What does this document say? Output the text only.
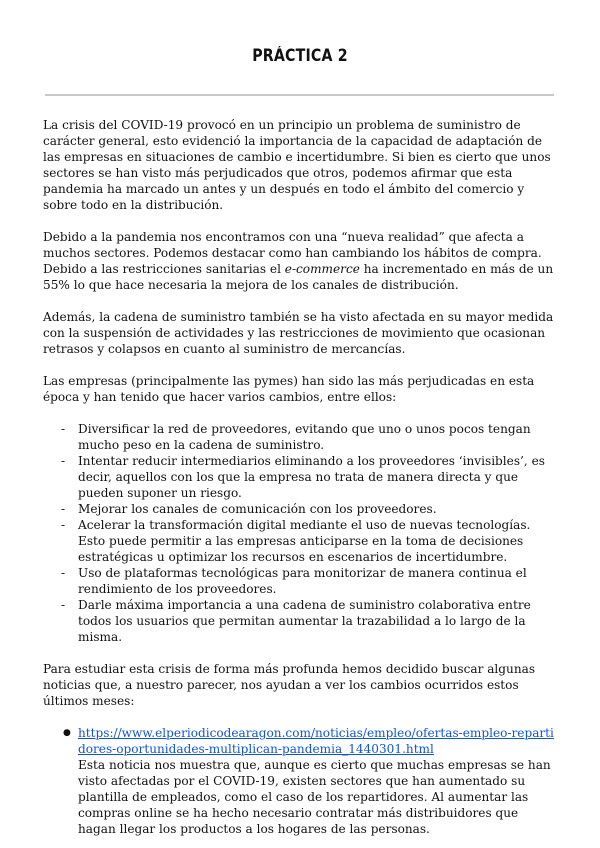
PRÁCTICA 2

La crisis del COVID-19 provocó en un principio un problema de suministro de carácter general, esto evidenció la importancia de la capacidad de adaptación de las empresas en situaciones de cambio e incertidumbre. Si bien es cierto que unos sectores se han visto más perjudicados que otros, podemos afirmar que esta pandemia ha marcado un antes y un después en todo el ámbito del comercio y sobre todo en la distribución.

Debido a la pandemia nos encontramos con una “nueva realidad” que afecta a muchos sectores. Podemos destacar como han cambiando los hábitos de compra. Debido a las restricciones sanitarias el e-commerce ha incrementado en más de un 55% lo que hace necesaria la mejora de los canales de distribución.

Además, la cadena de suministro también se ha visto afectada en su mayor medida con la suspensión de actividades y las restricciones de movimiento que ocasionan retrasos y colapsos en cuanto al suministro de mercancías.

Las empresas (principalmente las pymes) han sido las más perjudicadas en esta época y han tenido que hacer varios cambios, entre ellos:

- Diversificar la red de proveedores, evitando que uno o unos pocos tengan mucho peso en la cadena de suministro.
- Intentar reducir intermediarios eliminando a los proveedores ‘invisibles’, es decir, aquellos con los que la empresa no trata de manera directa y que pueden suponer un riesgo.
- Mejorar los canales de comunicación con los proveedores.
- Acelerar la transformación digital mediante el uso de nuevas tecnologías. Esto puede permitir a las empresas anticiparse en la toma de decisiones estratégicas u optimizar los recursos en escenarios de incertidumbre.
- Uso de plataformas tecnológicas para monitorizar de manera continua el rendimiento de los proveedores.
- Darle máxima importancia a una cadena de suministro colaborativa entre todos los usuarios que permitan aumentar la trazabilidad a lo largo de la misma.

Para estudiar esta crisis de forma más profunda hemos decidido buscar algunas noticias que, a nuestro parecer, nos ayudan a ver los cambios ocurridos estos últimos meses:

● https://www.elperiodicodearagon.com/noticias/empleo/ofertas-empleo-repartidores-oportunidades-multiplican-pandemia_1440301.html
Esta noticia nos muestra que, aunque es cierto que muchas empresas se han visto afectadas por el COVID-19, existen sectores que han aumentado su plantilla de empleados, como el caso de los repartidores. Al aumentar las compras online se ha hecho necesario contratar más distribuidores que hagan llegar los productos a los hogares de las personas.
